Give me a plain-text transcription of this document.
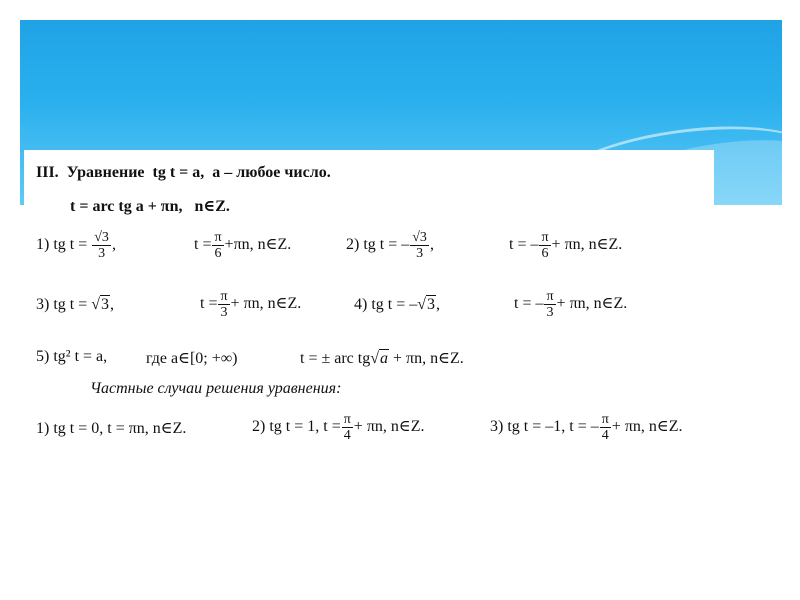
III. Уравнение tg t = a, a – любое число.
t = arc tg a + πn, n∈Z.
1) tg $t = \frac{√3}{3}$ ,	$t = \frac{\pi}{6} +\pi n$, n∈Z.	2) tg t = – $\frac{√3}{3}$ ,	t = – $\frac{\pi}{6} + \pi n$, n∈Z.
3) tg t = √3,	$t = \frac{\pi}{3} + \pi n$, n∈Z.	4) tg t = –√3,	t = – $\frac{\pi}{3} + \pi n$, n∈Z.
5) tg² t = a, где a∈[0; +∞)	t = ± arc tg√a + πn, n∈Z.
Частные случаи решения уравнения:
1) tg t = 0, t = πn, n∈Z.	2) tg t = 1, $t = \frac{\pi}{4} + \pi n$, n∈Z.	3) tg t = –1, t = – $\frac{\pi}{4} + \pi n$, n∈Z.
